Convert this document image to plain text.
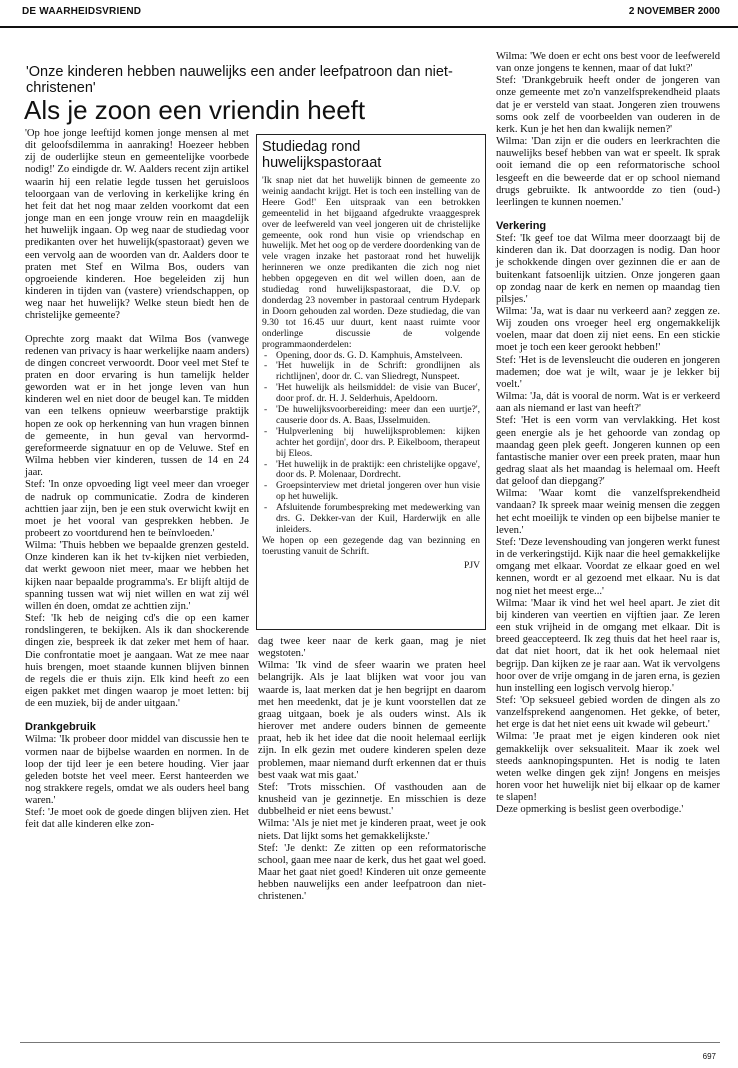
DE WAARHEIDSVRIEND	2 NOVEMBER 2000
'Onze kinderen hebben nauwelijks een ander leefpatroon dan niet-christenen'
Als je zoon een vriendin heeft

'Op hoe jonge leeftijd komen jonge mensen al met dit geloofsdilemma in aanraking! Hoezeer hebben zij de ouderlijke steun en gemeentelijke voorbede nodig!' Zo eindigde dr. W. Aalders recent zijn artikel waarin hij een relatie legde tussen het geruisloos teloorgaan van de verloving in kerkelijke kring én het feit dat het nog maar zelden voorkomt dat een jonge man en een jonge vrouw rein en maagdelijk het huwelijk ingaan. Op weg naar de studiedag voor predikanten over het huwelijk(spastoraat) geven we een vervolg aan de woorden van dr. Aalders door te praten met Stef en Wilma Bos, ouders van opgroeiende kinderen. Hoe begeleiden zij hun kinderen in tijden van (vastere) vriendschappen, op weg naar het huwelijk? Welke steun biedt hen de christelijke gemeente?

Oprechte zorg maakt dat Wilma Bos (vanwege redenen van privacy is haar werkelijke naam anders) de dingen concreet verwoordt. Door veel met Stef te praten en door ervaring is hun tamelijk helder geworden wat er in het jonge leven van hun kinderen wel en niet door de beugel kan. Te midden van een telkens opnieuw weerbarstige praktijk hopen ze ook op herkenning van hun vragen binnen de gemeente, in hun geval van hervormd-gereformeerde signatuur en op de Veluwe. Stef en Wilma hebben vier kinderen, tussen de 14 en 24 jaar.

Stef: 'In onze opvoeding ligt veel meer dan vroeger de nadruk op communicatie. Zodra de kinderen achttien jaar zijn, ben je een stuk overwicht kwijt en moet je het vooral van gesprekken hebben. Je probeert zo voortdurend hen te beïnvloeden.'

Wilma: 'Thuis hebben we bepaalde grenzen gesteld. Onze kinderen kan ik het tv-kijken niet verbieden, dat werkt gewoon niet meer, maar we hebben het kijken naar bepaalde programma's. Er blijft altijd de spanning tussen wat wij niet willen en wat zij wél willen én doen, omdat ze achttien zijn.'

Stef: 'Ik heb de neiging cd's die op een kamer rondslingeren, te bekijken. Als ik dan shockerende dingen zie, bespreek ik dat zeker met hem of haar. Die confrontatie moet je aangaan. Wat ze mee naar huis brengen, moet staande kunnen blijven binnen de regels die er thuis zijn. Elk kind heeft zo een eigen pakket met dingen waarop je moet letten: bij de een muziek, bij de ander uitgaan.'

Drankgebruik

Wilma: 'Ik probeer door middel van discussie hen te vormen naar de bijbelse waarden en normen. In de loop der tijd leer je een betere houding. Vier jaar geleden botste het veel meer. Eerst hanteerden we nog strakkere regels, omdat we als ouders heel bang waren.'

Stef: 'Je moet ook de goede dingen blijven zien. Het feit dat alle kinderen elke zon-

Studiedag rond huwelijkspastoraat

'Ik snap niet dat het huwelijk binnen de gemeente zo weinig aandacht krijgt. Het is toch een instelling van de Heere God!' Een uitspraak van een betrokken gemeentelid in het bijgaand afgedrukte vraaggesprek over de leefwereld van veel jongeren uit de christelijke gemeente, ook rond hun visie op vriendschap en huwelijk. Met het oog op de verdere doordenking van de vele vragen inzake het pastoraat rond het huwelijk herinneren we onze predikanten die zich nog niet hebben opgegeven en dit wel willen doen, aan de studiedag rond huwelijkspastoraat, die D.V. op donderdag 23 november in pastoraal centrum Hydepark in Doorn gehouden zal worden. Deze studiedag, die van 9.30 tot 16.45 uur duurt, kent naast ruimte voor onderlinge discussie de volgende programmaonderdelen:

- Opening, door ds. G. D. Kamphuis, Amstelveen.
- 'Het huwelijk in de Schrift: grondlijnen als richtlijnen', door dr. C. van Sliedregt, Nunspeet.
- 'Het huwelijk als heilsmiddel: de visie van Bucer', door prof. dr. H. J. Selderhuis, Apeldoorn.
- 'De huwelijksvoorbereiding: meer dan een uurtje?', causerie door ds. A. Baas, IJsselmuiden.
- 'Hulpverlening bij huwelijksproblemen: kijken achter het gordijn', door drs. P. Eikelboom, therapeut bij Eleos.
- 'Het huwelijk in de praktijk: een christelijke opgave', door ds. P. Molenaar, Dordrecht.
- Groepsinterview met drietal jongeren over hun visie op het huwelijk.
- Afsluitende forumbespreking met medewerking van drs. G. Dekker-van der Kuil, Harderwijk en alle inleiders.

We hopen op een gezegende dag van bezinning en toerusting vanuit de Schrift.

PJV

dag twee keer naar de kerk gaan, mag je niet wegstoten.'

Wilma: 'Ik vind de sfeer waarin we praten heel belangrijk. Als je laat blijken wat voor jou van waarde is, laat merken dat je hen begrijpt en daarom met hen meedenkt, dat je je kunt voorstellen dat ze graag uitgaan, boek je als ouders winst. Als ik hierover met andere ouders binnen de gemeente praat, heb ik het idee dat die nooit helemaal eerlijk zijn. In elk gezin met oudere kinderen spelen deze problemen, maar niemand durft erkennen dat er thuis best vaak wat mis gaat.'

Stef: 'Trots misschien. Of vasthouden aan de knusheid van je gezinnetje. En misschien is deze dubbelheid er niet eens bewust.'

Wilma: 'Als je niet met je kinderen praat, weet je ook niets. Dat lijkt soms het gemakkelijkste.'

Stef: 'Je denkt: Ze zitten op een reformatorische school, gaan mee naar de kerk, dus het gaat wel goed. Maar het gaat niet goed! Kinderen uit onze gemeente hebben nauwelijks een ander leefpatroon dan niet-christenen.'

Wilma: 'We doen er echt ons best voor de leefwereld van onze jongens te kennen, maar of dat lukt?'

Stef: 'Drankgebruik heeft onder de jongeren van onze gemeente met zo'n vanzelfsprekendheid plaats dat je er versteld van staat. Jongeren zien trouwens soms ook zelf de voorbeelden van ouderen in de kerk. Kun je het hen dan kwalijk nemen?'

Wilma: 'Dan zijn er die ouders en leerkrachten die nauwelijks besef hebben van wat er speelt. Ik sprak ooit iemand die op een reformatorische school lesgeeft en die beweerde dat er op school niemand drugs gebruikte. Ik antwoordde zo tien (oud-) leerlingen te kunnen noemen.'

Verkering

Stef: 'Ik geef toe dat Wilma meer doorzaagt bij de kinderen dan ik. Dat doorzagen is nodig. Dan hoor je schokkende dingen over gezinnen die er aan de buitenkant fatsoenlijk uitzien. Onze jongeren gaan op zondag naar de kerk en nemen op maandag tien pilsjes.'

Wilma: 'Ja, wat is daar nu verkeerd aan? zeggen ze. Wij zouden ons vroeger heel erg ongemakkelijk voelen, maar dat doen zij niet eens. En een stickie moet je toch een keer gerookt hebben!'

Stef: 'Het is de levensleucht die ouderen en jongeren mademen; doe wat je wilt, waar je je lekker bij voelt.'

Wilma: 'Ja, dát is vooral de norm. Wat is er verkeerd aan als niemand er last van heeft?'

Stef: 'Het is een vorm van vervlakking. Het kost geen energie als je het gehoorde van zondag op maandag geen plek geeft. Jongeren kunnen op een fantastische manier over een preek praten, maar hun gedrag slaat als het maandag is helemaal om. Heeft dat geloof dan diepgang?'

Wilma: 'Waar komt die vanzelfsprekendheid vandaan? Ik spreek maar weinig mensen die zeggen het echt moeilijk te vinden op een bijbelse manier te leven.'

Stef: 'Deze levenshouding van jongeren werkt funest in de verkeringstijd. Kijk naar die heel gemakkelijke omgang met elkaar. Voordat ze elkaar goed en wel kennen, wordt er al gezoend met elkaar. Nu is dat nog niet het meest erge...'

Wilma: 'Maar ik vind het wel heel apart. Je ziet dit bij kinderen van veertien en vijftien jaar. Ze leren een stuk vrijheid in de omgang met elkaar. Dit is breed geaccepteerd. Ik zeg thuis dat het heel raar is, dat dat niet hoort, dat ik het ook helemaal niet begrijp. Dan kijken ze je raar aan. Wat ik vervolgens hoor over de vrije omgang in de jaren erna, is gezien hun instelling een logisch vervolg hierop.'

Stef: 'Op seksueel gebied worden de dingen als zo vanzelfsprekend aangenomen. Het gekke, of beter, het erge is dat het niet eens uit kwade wil gebeurt.'

Wilma: 'Je praat met je eigen kinderen ook niet gemakkelijk over seksualiteit. Maar ik zoek wel steeds aanknopingspunten. Het is nodig te laten weten welke dingen gek zijn! Jongens en meisjes horen voor het huwelijk niet bij elkaar op de kamer te slapen!

Deze opmerking is beslist geen overbodige.'

697
